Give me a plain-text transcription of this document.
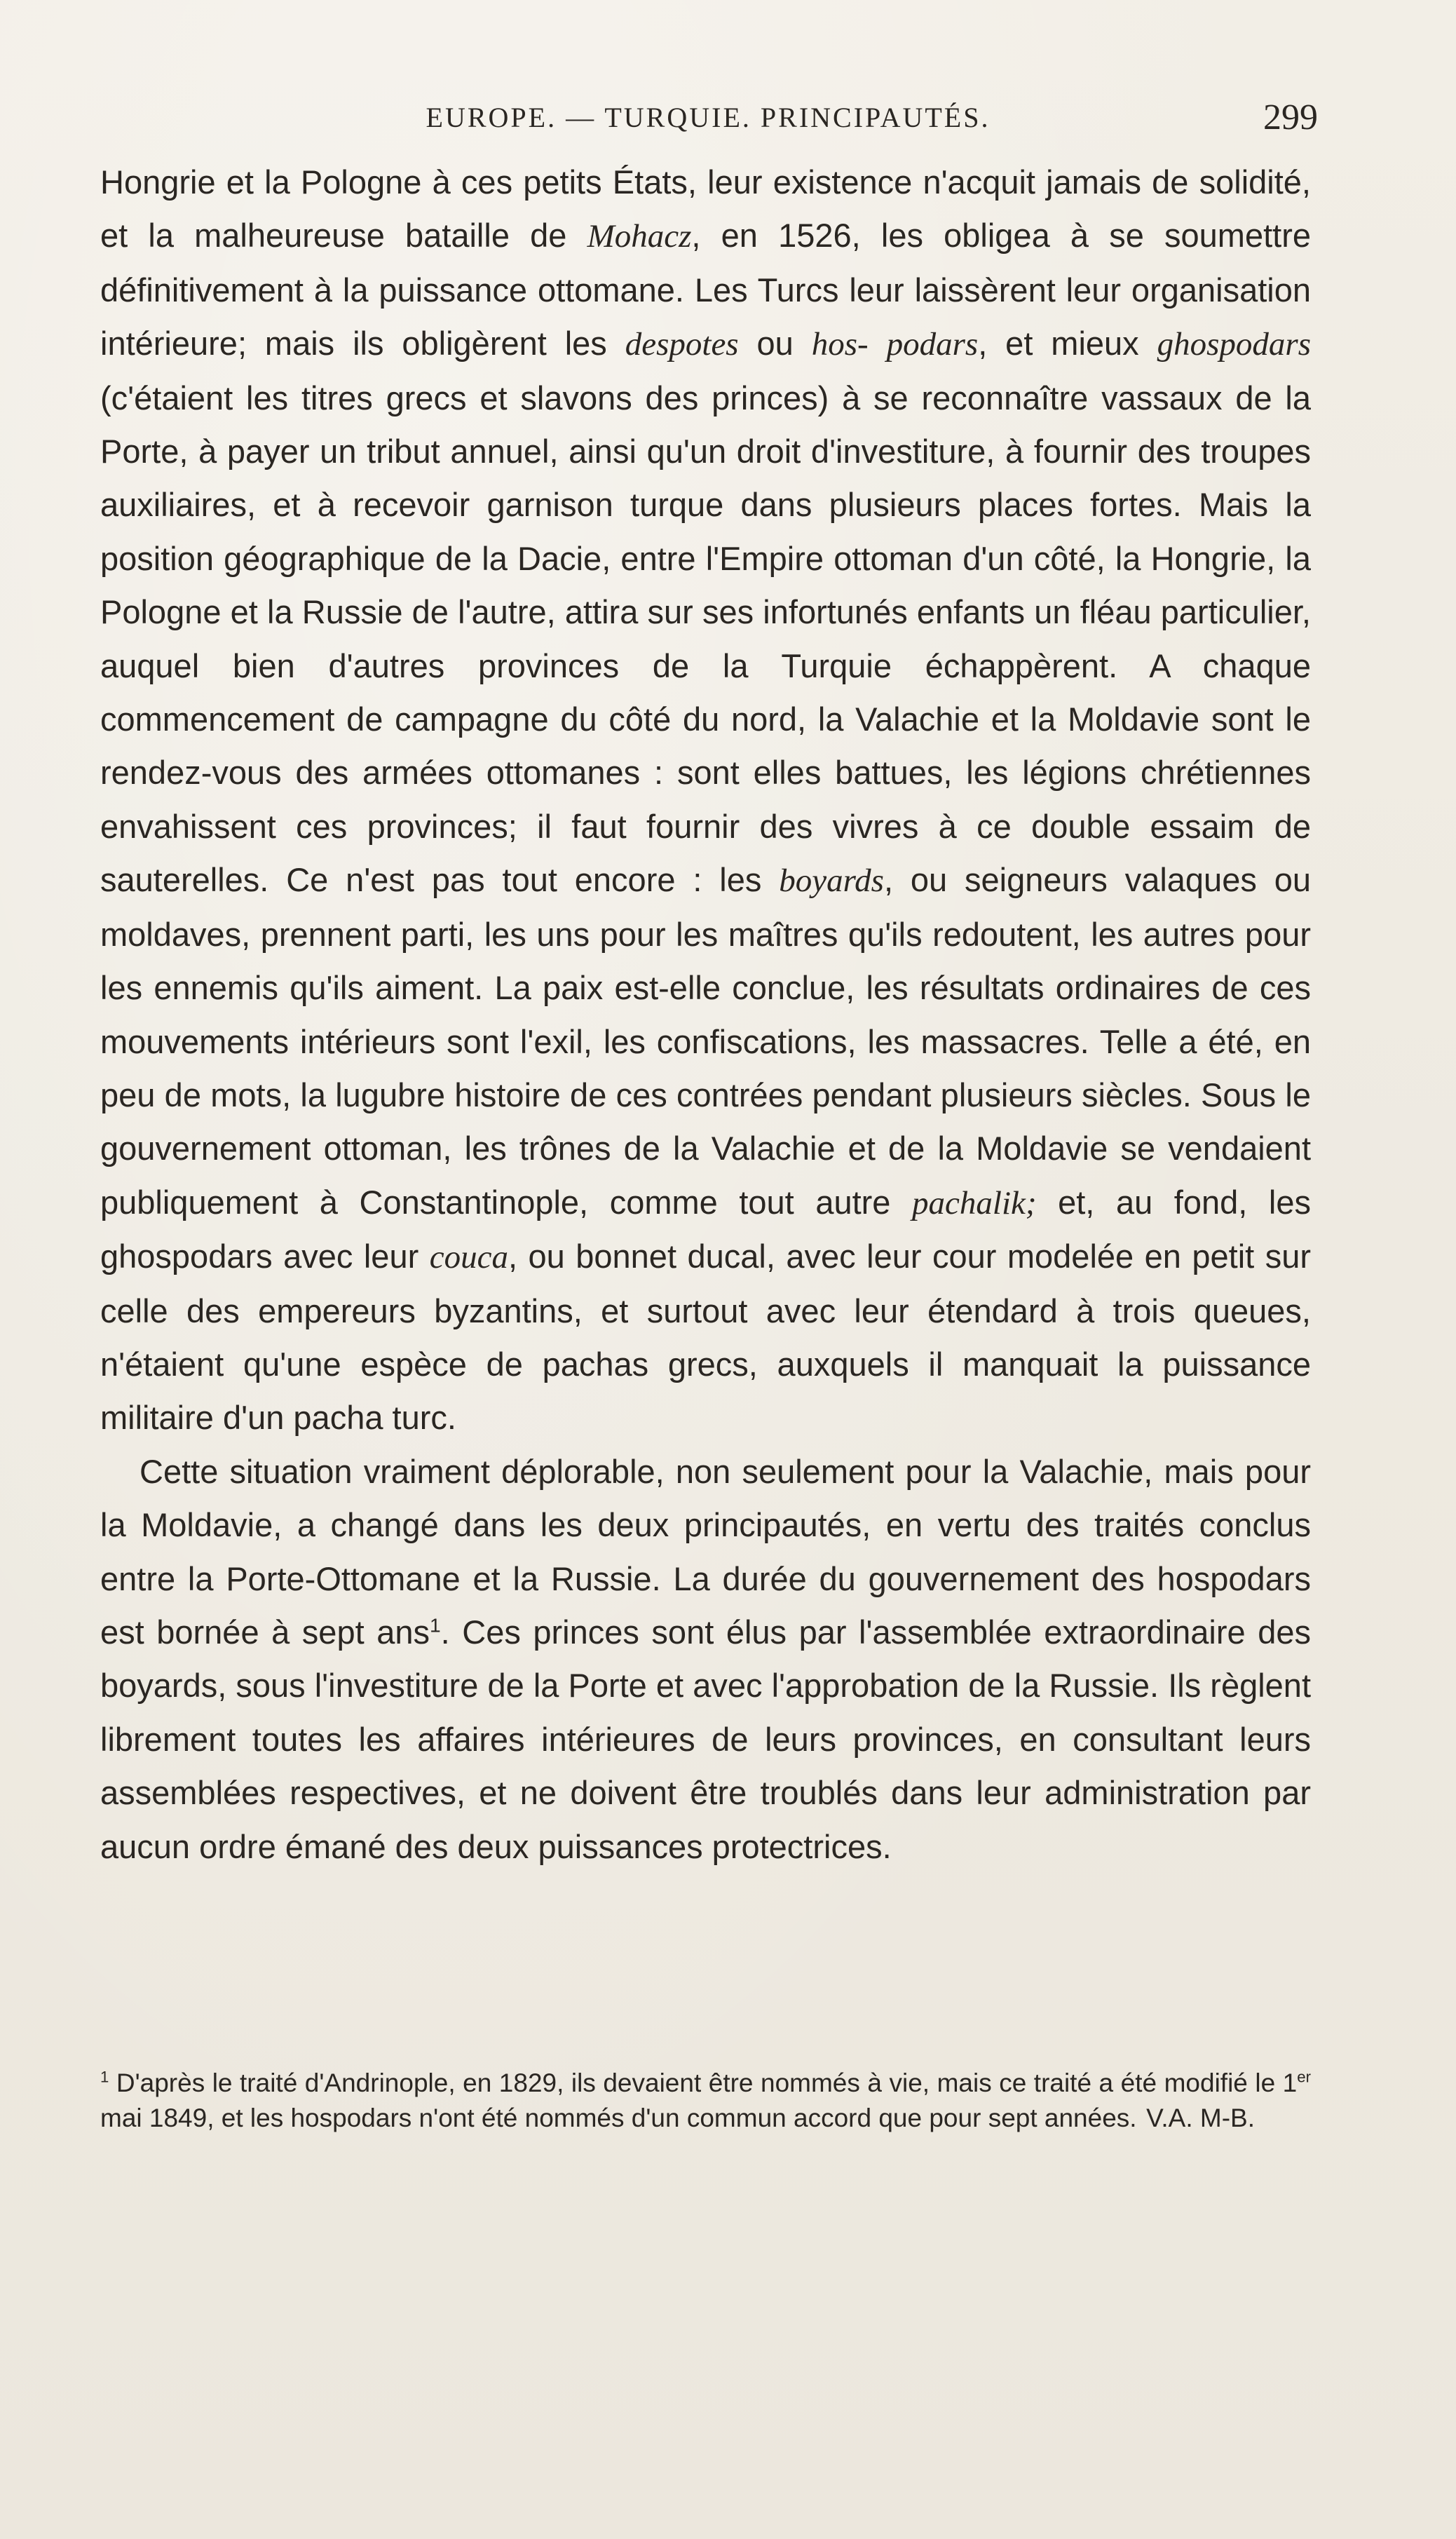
EUROPE. — TURQUIE. PRINCIPAUTÉS.	299

Hongrie et la Pologne à ces petits États, leur existence n'acquit jamais de solidité, et la malheureuse bataille de Mohacz, en 1526, les obligea à se soumettre définitivement à la puissance ottomane. Les Turcs leur laissèrent leur organisation intérieure; mais ils obligèrent les despotes ou hos- podars, et mieux ghospodars (c'étaient les titres grecs et slavons des princes) à se reconnaître vassaux de la Porte, à payer un tribut annuel, ainsi qu'un droit d'investiture, à fournir des troupes auxiliaires, et à recevoir garnison turque dans plusieurs places fortes. Mais la position géographique de la Dacie, entre l'Empire ottoman d'un côté, la Hongrie, la Pologne et la Russie de l'autre, attira sur ses infortunés enfants un fléau particulier, auquel bien d'autres provinces de la Turquie échappèrent. A chaque commencement de campagne du côté du nord, la Valachie et la Moldavie sont le rendez-vous des armées ottomanes : sont elles battues, les légions chrétiennes envahissent ces provinces; il faut fournir des vivres à ce double essaim de sauterelles. Ce n'est pas tout encore : les boyards, ou seigneurs valaques ou moldaves, prennent parti, les uns pour les maîtres qu'ils redoutent, les autres pour les ennemis qu'ils aiment. La paix est-elle conclue, les résultats ordinaires de ces mouvements intérieurs sont l'exil, les confiscations, les massacres. Telle a été, en peu de mots, la lugubre histoire de ces contrées pendant plusieurs siècles. Sous le gouvernement ottoman, les trônes de la Valachie et de la Moldavie se vendaient publiquement à Constantinople, comme tout autre pachalik; et, au fond, les ghospodars avec leur couca, ou bonnet ducal, avec leur cour modelée en petit sur celle des empereurs byzantins, et surtout avec leur étendard à trois queues, n'étaient qu'une espèce de pachas grecs, auxquels il manquait la puissance militaire d'un pacha turc.

Cette situation vraiment déplorable, non seulement pour la Valachie, mais pour la Moldavie, a changé dans les deux principautés, en vertu des traités conclus entre la Porte-Ottomane et la Russie. La durée du gouvernement des hospodars est bornée à sept ans$^1$. Ces princes sont élus par l'assemblée extraordinaire des boyards, sous l'investiture de la Porte et avec l'approbation de la Russie. Ils règlent librement toutes les affaires intérieures de leurs provinces, en consultant leurs assemblées respectives, et ne doivent être troublés dans leur administration par aucun ordre émané des deux puissances protectrices.

$^1$ D'après le traité d'Andrinople, en 1829, ils devaient être nommés à vie, mais ce traité a été modifié le 1er mai 1849, et les hospodars n'ont été nommés d'un commun accord que pour sept années. V.A. M-B.
